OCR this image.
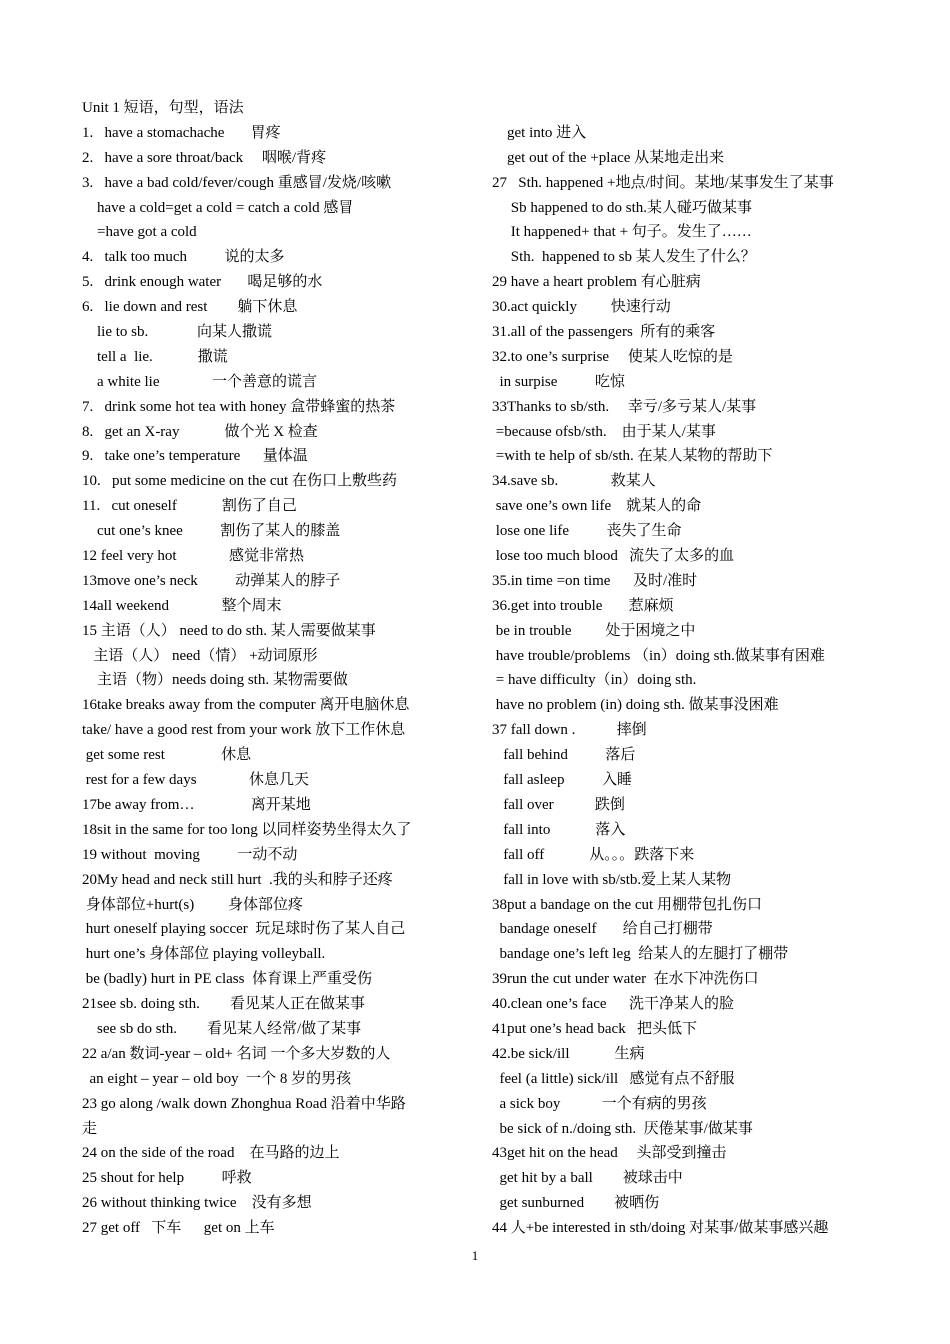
Unit 1 短语，句型，语法
1.   have a stomachache       胃疼
2.   have a sore throat/back     咽喉/背疼
3.   have a bad cold/fever/cough 重感冒/发烧/咳嗽
have a cold=get a cold = catch a cold 感冒
=have got a cold
4.   talk too much          说的太多
5.   drink enough water       喝足够的水
6.   lie down and rest        躺下休息
lie to sb.             向某人撒谎
tell a  lie.            撒谎
a white lie              一个善意的谎言
7.   drink some hot tea with honey 盒带蜂蜜的热茶
8.   get an X-ray            做个光 X 检查
9.   take one’s temperature      量体温
10.   put some medicine on the cut 在伤口上敷些药
11.   cut oneself            割伤了自己
cut one’s knee          割伤了某人的膝盖
12 feel very hot              感觉非常热
13move one’s neck          动弹某人的脖子
14all weekend              整个周末
15 主语（人） need to do sth. 某人需要做某事
主语（人） need（情） +动词原形
主语（物）needs doing sth. 某物需要做
16take breaks away from the computer 离开电脑休息
take/ have a good rest from your work 放下工作休息
get some rest               休息
rest for a few days              休息几天
17be away from…               离开某地
18sit in the same for too long 以同样姿势坐得太久了
19 without  moving          一动不动
20My head and neck still hurt  .我的头和脖子还疼
身体部位+hurt(s)         身体部位疼
hurt oneself playing soccer  玩足球时伤了某人自己
hurt one’s 身体部位 playing volleyball.
be (badly) hurt in PE class  体育课上严重受伤
21see sb. doing sth.        看见某人正在做某事
see sb do sth.        看见某人经常/做了某事
22 a/an 数词-year – old+ 名词 一个多大岁数的人
an eight – year – old boy  一个 8 岁的男孩
23 go along /walk down Zhonghua Road 沿着中华路
走
24 on the side of the road    在马路的边上
25 shout for help          呼救
26 without thinking twice    没有多想
27 get off   下车      get on 上车
get into 进入
get out of the +place 从某地走出来
27   Sth. happened +地点/时间。某地/某事发生了某事
Sb happened to do sth.某人碰巧做某事
It happened+ that + 句子。发生了……
Sth.  happened to sb 某人发生了什么？
29 have a heart problem 有心脏病
30.act quickly         快速行动
31.all of the passengers  所有的乘客
32.to one’s surprise     使某人吃惊的是
in surpise          吃惊
33Thanks to sb/sth.     幸亏/多亏某人/某事
=because ofsb/sth.    由于某人/某事
=with te help of sb/sth. 在某人某物的帮助下
34.save sb.              救某人
save one’s own life    就某人的命
lose one life          丧失了生命
lose too much blood   流失了太多的血
35.in time =on time      及时/准时
36.get into trouble       惹麻烦
be in trouble         处于困境之中
have trouble/problems （in）doing sth.做某事有困难
= have difficulty（in）doing sth.
have no problem (in) doing sth. 做某事没困难
37 fall down .           摔倒
fall behind          落后
fall asleep          入睡
fall over           跌倒
fall into            落入
fall off            从。。。跌落下来
fall in love with sb/stb.爱上某人某物
38put a bandage on the cut 用棚带包扎伤口
bandage oneself       给自己打棚带
bandage one’s left leg  给某人的左腿打了棚带
39run the cut under water  在水下冲洗伤口
40.clean one’s face      洗干净某人的脸
41put one’s head back   把头低下
42.be sick/ill            生病
feel (a little) sick/ill   感觉有点不舒服
a sick boy           一个有病的男孩
be sick of n./doing sth.  厌倦某事/做某事
43get hit on the head     头部受到撞击
get hit by a ball        被球击中
get sunburned        被晒伤
44 人+be interested in sth/doing 对某事/做某事感兴趣
1
